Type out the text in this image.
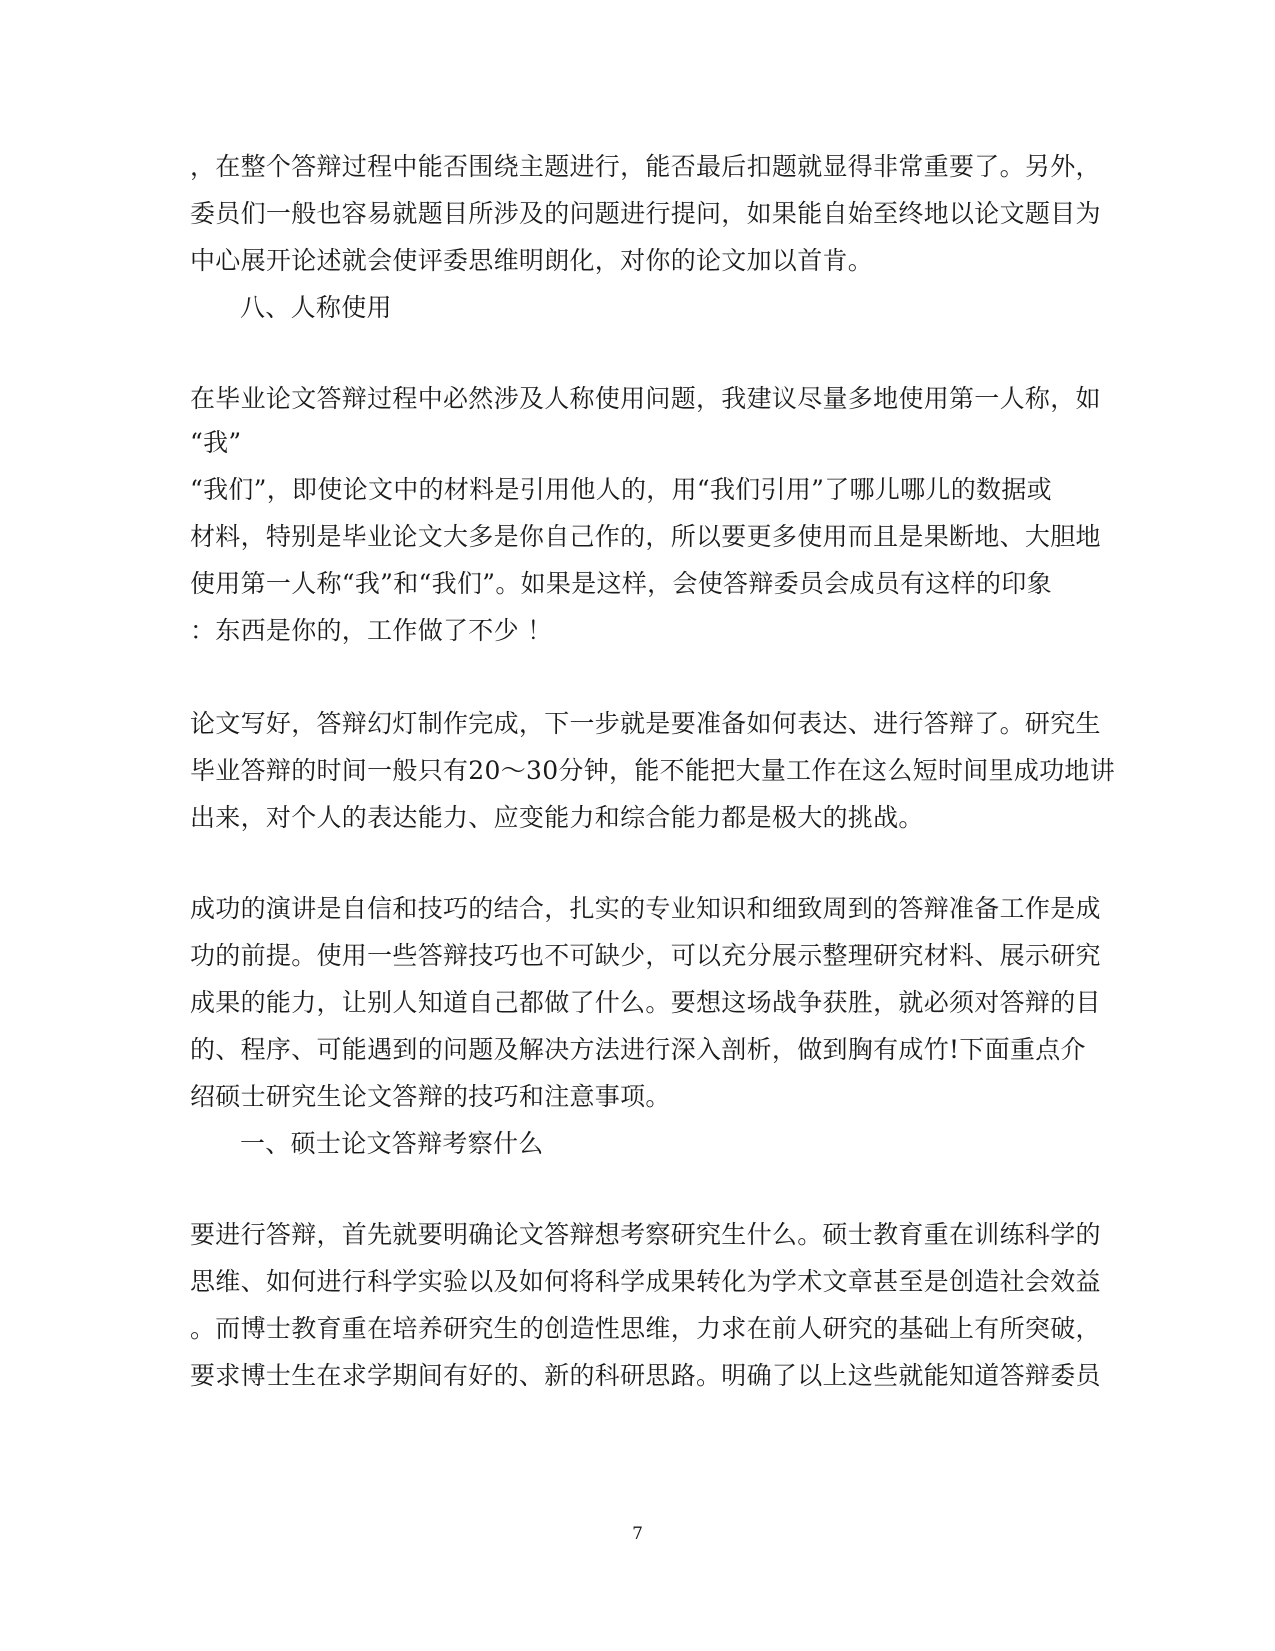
，在整个答辩过程中能否围绕主题进行，能否最后扣题就显得非常重要了。另外，
委员们一般也容易就题目所涉及的问题进行提问，如果能自始至终地以论文题目为
中心展开论述就会使评委思维明朗化，对你的论文加以首肯。
八、人称使用
在毕业论文答辩过程中必然涉及人称使用问题，我建议尽量多地使用第一人称，如
“我”
“我们”，即使论文中的材料是引用他人的，用“我们引用”了哪儿哪儿的数据或
材料，特别是毕业论文大多是你自己作的，所以要更多使用而且是果断地、大胆地
使用第一人称“我”和“我们”。如果是这样，会使答辩委员会成员有这样的印象
：东西是你的，工作做了不少 ！
论文写好，答辩幻灯制作完成，下一步就是要准备如何表达、进行答辩了。研究生
毕业答辩的时间一般只有20～30分钟，能不能把大量工作在这么短时间里成功地讲
出来，对个人的表达能力、应变能力和综合能力都是极大的挑战。
成功的演讲是自信和技巧的结合，扎实的专业知识和细致周到的答辩准备工作是成
功的前提。使用一些答辩技巧也不可缺少，可以充分展示整理研究材料、展示研究
成果的能力，让别人知道自己都做了什么。要想这场战争获胜，就必须对答辩的目
的、程序、可能遇到的问题及解决方法进行深入剖析，做到胸有成竹!下面重点介
绍硕士研究生论文答辩的技巧和注意事项。
一、硕士论文答辩考察什么
要进行答辩，首先就要明确论文答辩想考察研究生什么。硕士教育重在训练科学的
思维、如何进行科学实验以及如何将科学成果转化为学术文章甚至是创造社会效益
。而博士教育重在培养研究生的创造性思维，力求在前人研究的基础上有所突破，
要求博士生在求学期间有好的、新的科研思路。明确了以上这些就能知道答辩委员
7
